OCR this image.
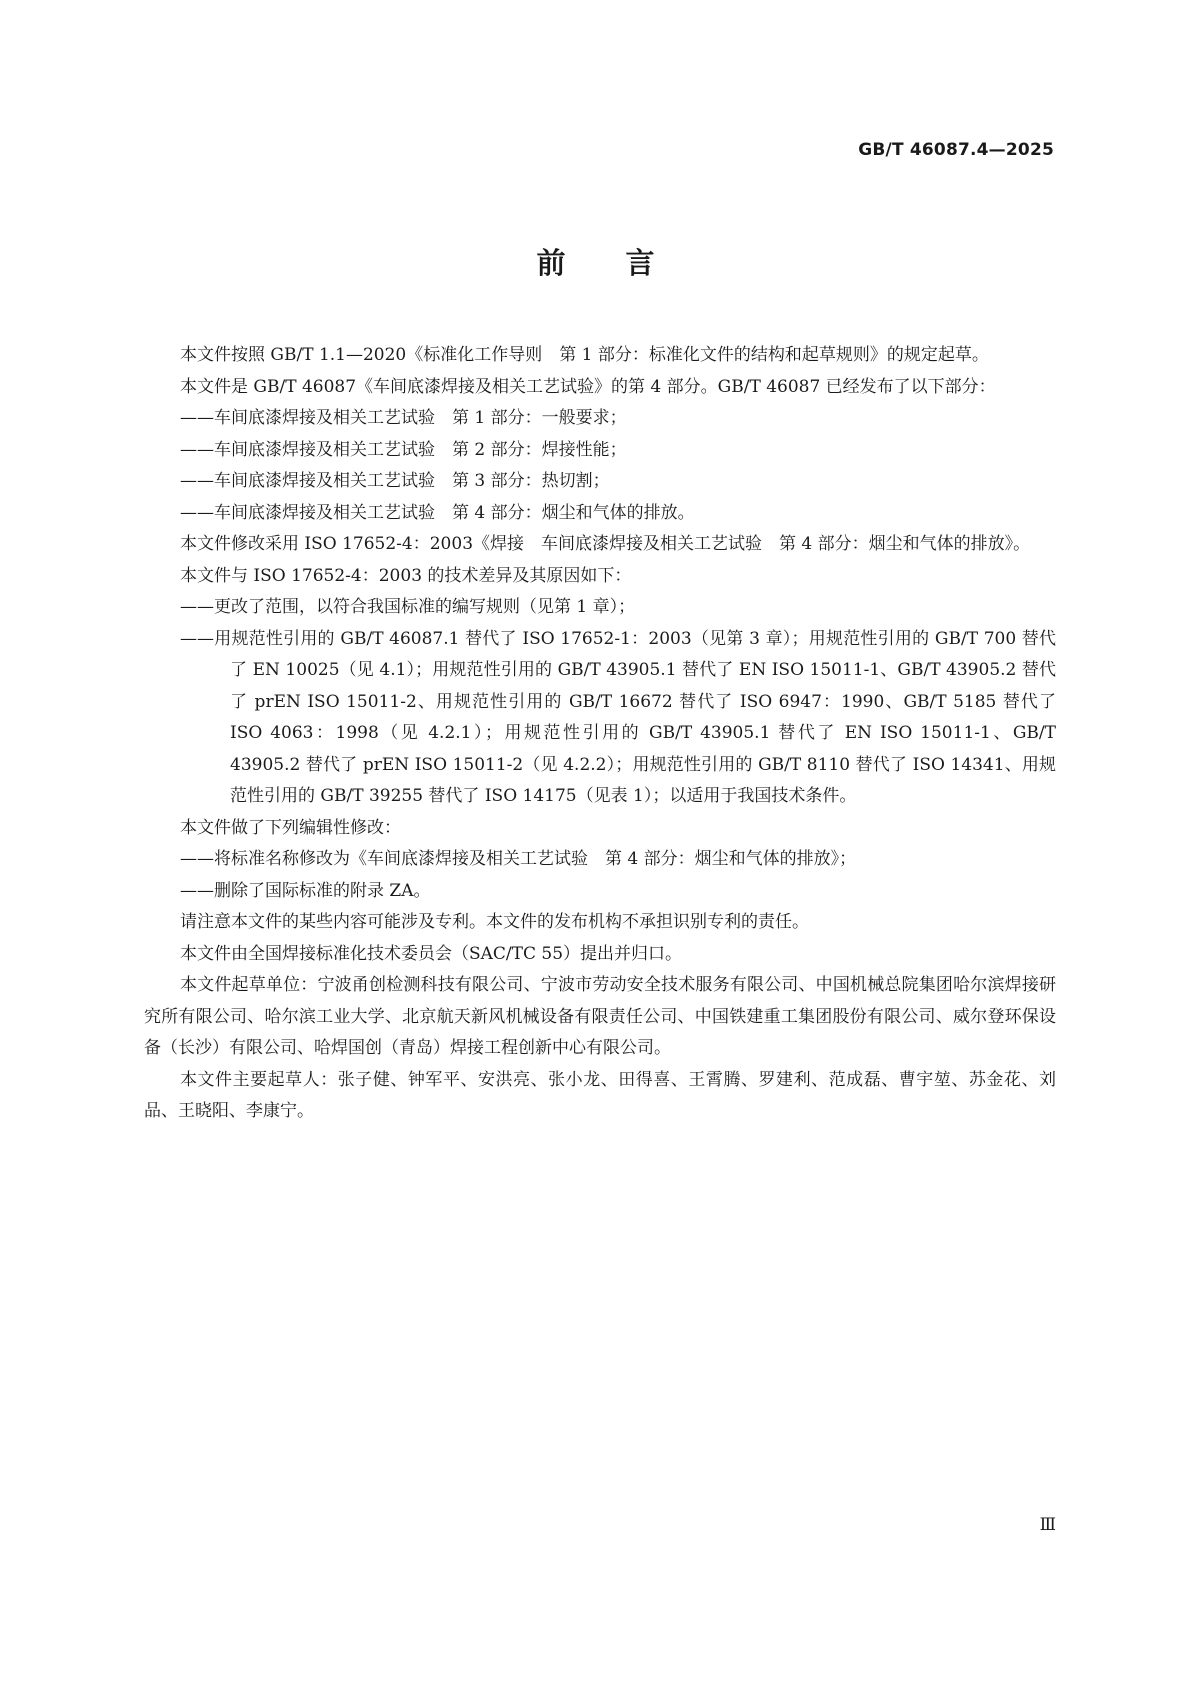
GB/T 46087.4—2025
前 言

本文件按照 GB/T 1.1—2020《标准化工作导则　第 1 部分：标准化文件的结构和起草规则》的规定起草。

本文件是 GB/T 46087《车间底漆焊接及相关工艺试验》的第 4 部分。GB/T 46087 已经发布了以下部分：

——车间底漆焊接及相关工艺试验　第 1 部分：一般要求；

——车间底漆焊接及相关工艺试验　第 2 部分：焊接性能；

——车间底漆焊接及相关工艺试验　第 3 部分：热切割；

——车间底漆焊接及相关工艺试验　第 4 部分：烟尘和气体的排放。

本文件修改采用 ISO 17652-4：2003《焊接　车间底漆焊接及相关工艺试验　第 4 部分：烟尘和气体的排放》。

本文件与 ISO 17652-4：2003 的技术差异及其原因如下：

——更改了范围，以符合我国标准的编写规则（见第 1 章）；

——用规范性引用的 GB/T 46087.1 替代了 ISO 17652-1：2003（见第 3 章）；用规范性引用的 GB/T 700 替代了 EN 10025（见 4.1）；用规范性引用的 GB/T 43905.1 替代了 EN ISO 15011-1、GB/T 43905.2 替代了 prEN ISO 15011-2、用规范性引用的 GB/T 16672 替代了 ISO 6947：1990、GB/T 5185 替代了 ISO 4063：1998（见 4.2.1）；用规范性引用的 GB/T 43905.1 替代了 EN ISO 15011-1、GB/T 43905.2 替代了 prEN ISO 15011-2（见 4.2.2）；用规范性引用的 GB/T 8110 替代了 ISO 14341、用规范性引用的 GB/T 39255 替代了 ISO 14175（见表 1）；以适用于我国技术条件。

本文件做了下列编辑性修改：

——将标准名称修改为《车间底漆焊接及相关工艺试验　第 4 部分：烟尘和气体的排放》；

——删除了国际标准的附录 ZA。

请注意本文件的某些内容可能涉及专利。本文件的发布机构不承担识别专利的责任。

本文件由全国焊接标准化技术委员会（SAC/TC 55）提出并归口。

本文件起草单位：宁波甬创检测科技有限公司、宁波市劳动安全技术服务有限公司、中国机械总院集团哈尔滨焊接研究所有限公司、哈尔滨工业大学、北京航天新风机械设备有限责任公司、中国铁建重工集团股份有限公司、威尔登环保设备（长沙）有限公司、哈焊国创（青岛）焊接工程创新中心有限公司。

本文件主要起草人：张子健、钟军平、安洪亮、张小龙、田得喜、王霄腾、罗建利、范成磊、曹宇堃、苏金花、刘品、王晓阳、李康宁。

Ⅲ
